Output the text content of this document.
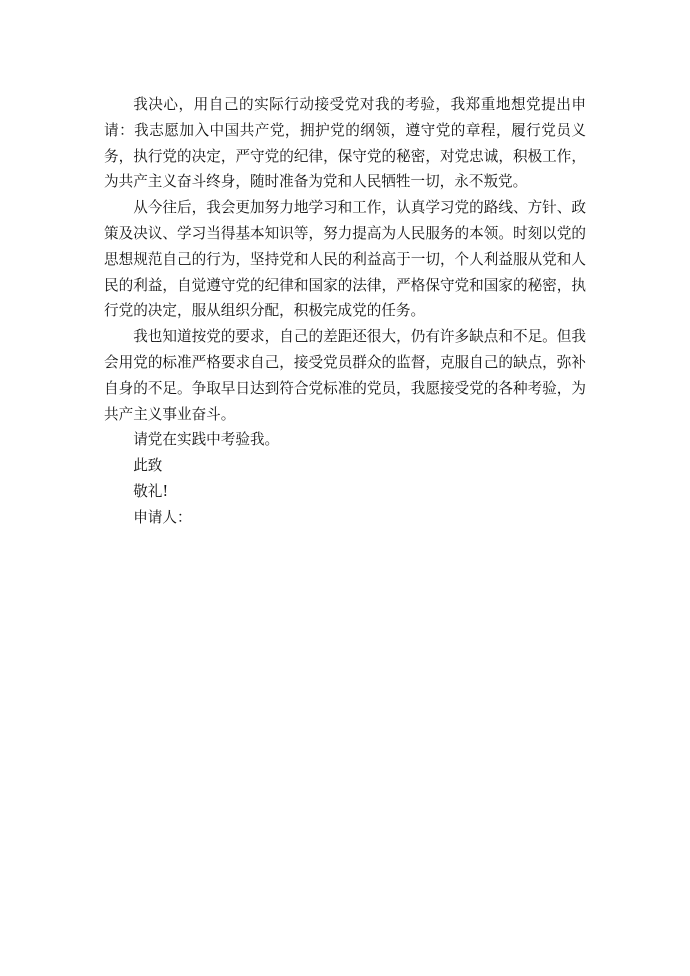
我决心，用自己的实际行动接受党对我的考验，我郑重地想党提出申请：我志愿加入中国共产党，拥护党的纲领，遵守党的章程，履行党员义务，执行党的决定，严守党的纪律，保守党的秘密，对党忠诚，积极工作，为共产主义奋斗终身，随时准备为党和人民牺牲一切，永不叛党。

从今往后，我会更加努力地学习和工作，认真学习党的路线、方针、政策及决议、学习当得基本知识等，努力提高为人民服务的本领。时刻以党的思想规范自己的行为，坚持党和人民的利益高于一切，个人利益服从党和人民的利益，自觉遵守党的纪律和国家的法律，严格保守党和国家的秘密，执行党的决定，服从组织分配，积极完成党的任务。

我也知道按党的要求，自己的差距还很大，仍有许多缺点和不足。但我会用党的标准严格要求自己，接受党员群众的监督，克服自己的缺点，弥补自身的不足。争取早日达到符合党标准的党员，我愿接受党的各种考验，为共产主义事业奋斗。

请党在实践中考验我。

此致

敬礼!

申请人：
